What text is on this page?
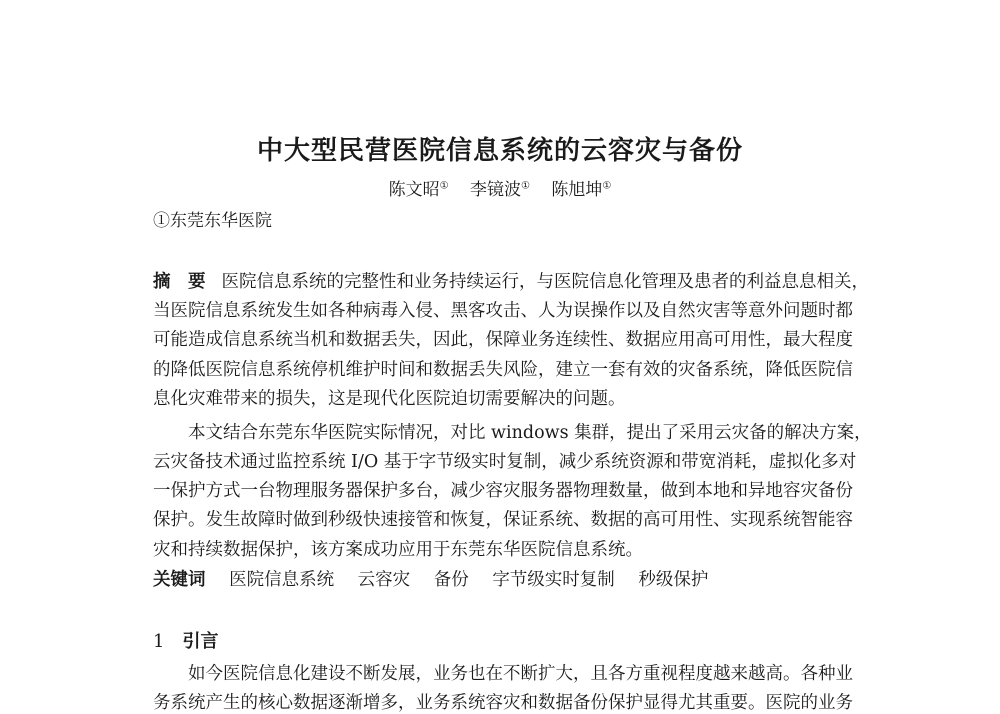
中大型民营医院信息系统的云容灾与备份
陈文昭① 李镜波① 陈旭坤①
①东莞东华医院
摘　要 医院信息系统的完整性和业务持续运行，与医院信息化管理及患者的利益息息相关，
当医院信息系统发生如各种病毒入侵、黑客攻击、人为误操作以及自然灾害等意外问题时都
可能造成信息系统当机和数据丢失，因此，保障业务连续性、数据应用高可用性，最大程度
的降低医院信息系统停机维护时间和数据丢失风险，建立一套有效的灾备系统，降低医院信
息化灾难带来的损失，这是现代化医院迫切需要解决的问题。
本文结合东莞东华医院实际情况，对比 windows 集群，提出了采用云灾备的解决方案，
云灾备技术通过监控系统 I/O 基于字节级实时复制，减少系统资源和带宽消耗，虚拟化多对
一保护方式一台物理服务器保护多台，减少容灾服务器物理数量，做到本地和异地容灾备份
保护。发生故障时做到秒级快速接管和恢复，保证系统、数据的高可用性、实现系统智能容
灾和持续数据保护，该方案成功应用于东莞东华医院信息系统。
关键词 医院信息系统 云容灾 备份 字节级实时复制 秒级保护
1 引言
如今医院信息化建设不断发展，业务也在不断扩大，且各方重视程度越来越高。各种业
务系统产生的核心数据逐渐增多，业务系统容灾和数据备份保护显得尤其重要。医院的业务
